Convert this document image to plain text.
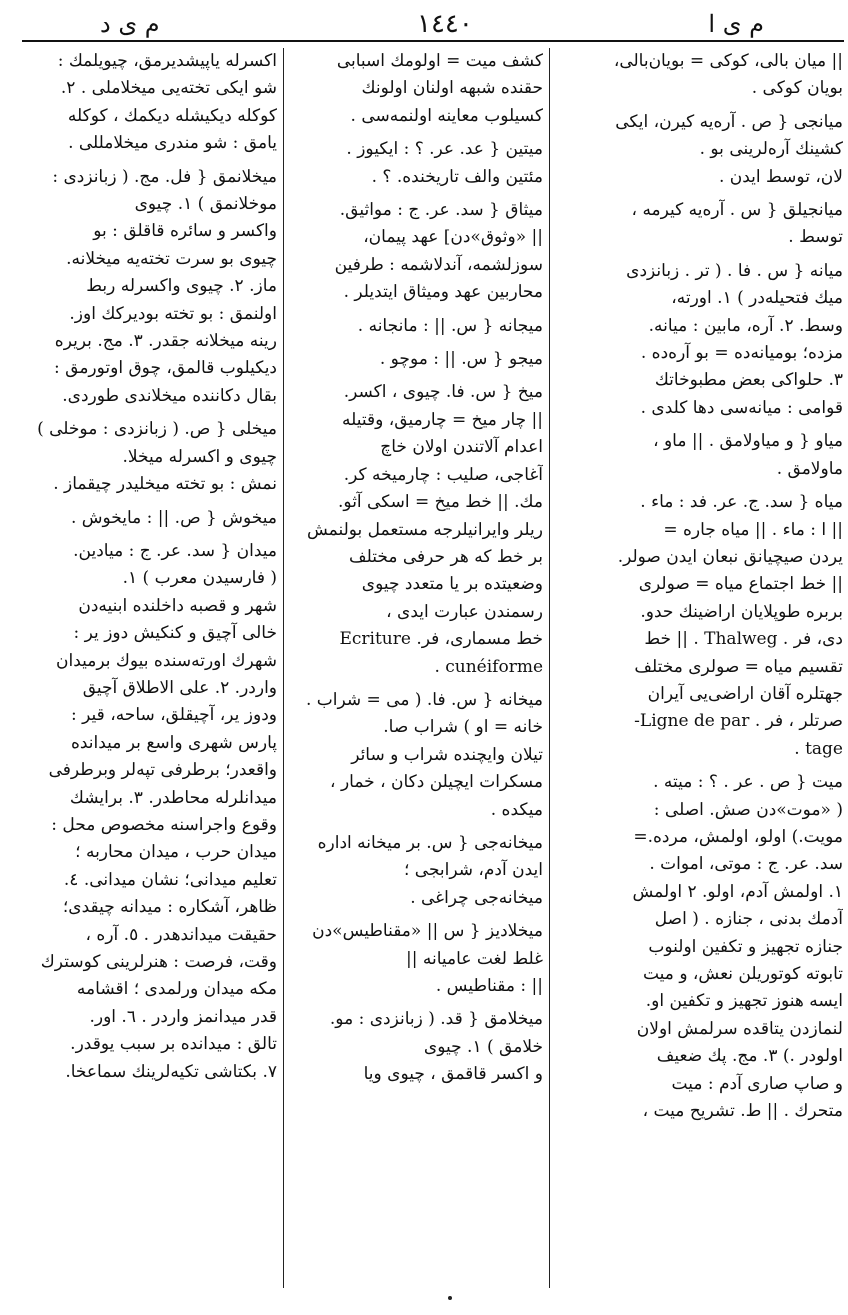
م ى ا
١٤٤٠
م ى د
|| ميان بالى، كوكى = بويان‌بالى،
بويان كوكى .
ميانجى { ص . آره‌يه كيرن، ايكى
كشينك آره‌لرينى بو .
لان، توسط ايدن .
ميانجيلق { س . آره‌يه كيرمه ،
توسط .
ميانه { س . فا . ( تر . زبانزدى
ميك فتحيله‌در ) ١. اورته،
وسط. ٢. آره، مابين : ميانه.
مزده؛ بوميانه‌ده = بو آره‌ده .
٣. حلواكى بعض مطبوخاتك
قوامى : ميانه‌سى دها كلدى .
مياو { و مياولامق . || ماو ،
ماولامق .
مياه { سد. ج. عر. فد : ماء .
|| ا : ماء . || مياه جاره =
يردن صيچيانق نبعان ايدن صولر.
|| خط اجتماع مياه = صولرى
بربره طوپلايان اراضينك حدو.
دى، فر . Thalweg . || خط
تقسيم مياه = صولرى مختلف
جهتلره آقان اراضى‌يى آيران
صرتلر ، فر . Ligne de par-
tage .
ميت { ص . عر . ؟ : ميته .
( «موت»دن صش. اصلى :
مويت.) اولو، اولمش، مرده.=
سد. عر. ج : موتى، اموات .
١. اولمش آدم، اولو. ٢ اولمش
آدمك بدنى ، جنازه . ( اصل
جنازه تجهيز و تكفين اولنوب
تابوته كوتوريلن نعش، و ميت
ايسه هنوز تجهيز و تكفين او.
لنمازدن يتاقده سرلمش اولان
اولودر .) ٣. مج. پك ضعيف
و صاپ صارى آدم : ميت
متحرك . || ط. تشريح ميت ،
كشف ميت = اولومك اسبابى
حقنده شبهه اولنان اولونك
كسيلوب معاينه اولنمه‌سى .
ميتين { عد. عر. ؟ : ايكيوز .
مئتين والف تاريخنده. ؟ .
ميثاق { سد. عر. ج : مواثيق.
|| «وثوق»دن] عهد پيمان،
سوزلشمه، آندلاشمه : طرفين
محاربين عهد وميثاق ايتديلر .
ميجانه { س. || : مانجانه .
ميجو { س. || : موچو .
ميخ { س. فا. چيوى ، اكسر.
|| چار ميخ = چارميق، وقتيله
اعدام آلاتندن اولان خاچ
آغاجى، صليب : چارميخه كر.
مك. || خط ميخ = اسكى آثو.
ريلر وايرانيلرجه مستعمل بولنمش
بر خط كه هر حرفى مختلف
وضعيتده بر يا متعدد چيوى
رسمندن عبارت ايدى ،
خط مسمارى، فر. Ecriture
cunéiforme .
ميخانه { س. فا. ( مى = شراب .
خانه = او ) شراب صا.
تيلان وايچنده شراب و سائر
مسكرات ايچيلن دكان ، خمار ،
ميكده .
ميخانه‌جى { س. بر ميخانه اداره
ايدن آدم، شرابجى ؛
ميخانه‌جى چراغى .
ميخلاديز { س || «مقناطيس»دن
غلط لغت عاميانه ||
|| : مقناطيس .
ميخلامق { قد. ( زبانزدى : مو.
خلامق ) ١. چيوى
و اكسر قاقمق ، چيوى ويا
اكسرله ياپيشديرمق، چيويلمك :
شو ايكى تخته‌يى ميخلاملى . ٢.
كوكله ديكيشله ديكمك ، كوكله
يامق : شو مندرى ميخلامللى .
ميخلانمق { فل. مج. ( زبانزدى :
موخلانمق ) ١. چيوى
واكسر و سائره قاقلق : بو
چيوى بو سرت تخته‌يه ميخلانه.
ماز. ٢. چيوى واكسرله ربط
اولنمق : بو تخته بوديركك اوز.
رينه ميخلانه جقدر. ٣. مج. بريره
ديكيلوب قالمق، چوق اوتورمق :
بقال دكاننده ميخلاندى طوردى.
ميخلى { ص. ( زبانزدى : موخلى )
چيوى و اكسرله ميخلا.
نمش : بو تخته ميخليدر چيقماز .
ميخوش { ص. || : مايخوش .
ميدان { سد. عر. ج : ميادين.
( فارسيدن معرب ) ١.
شهر و قصبه داخلنده ابنيه‌دن
خالى آچيق و كنكيش دوز ير :
شهرك اورته‌سنده بيوك برميدان
واردر. ٢. على الاطلاق آچيق
ودوز ير، آچيقلق، ساحه، قير :
پارس شهرى واسع بر ميدانده
واقعدر؛ برطرفى تپه‌لر وبرطرفى
ميدانلرله محاطدر. ٣. برايشك
وقوع واجراسنه مخصوص محل :
ميدان حرب ، ميدان محاربه ؛
تعليم ميدانى؛ نشان ميدانى. ٤.
ظاهر، آشكاره : ميدانه چيقدى؛
حقيقت ميداندهدر . ٥. آره ،
وقت، فرصت : هنرلرينى كوسترك
مكه ميدان ورلمدى ؛ اقشامه
قدر ميدانمز واردر . ٦. اور.
تالق : ميدانده بر سبب يوقدر.
٧. بكتاشى تكيه‌لرينك سماعخا.
